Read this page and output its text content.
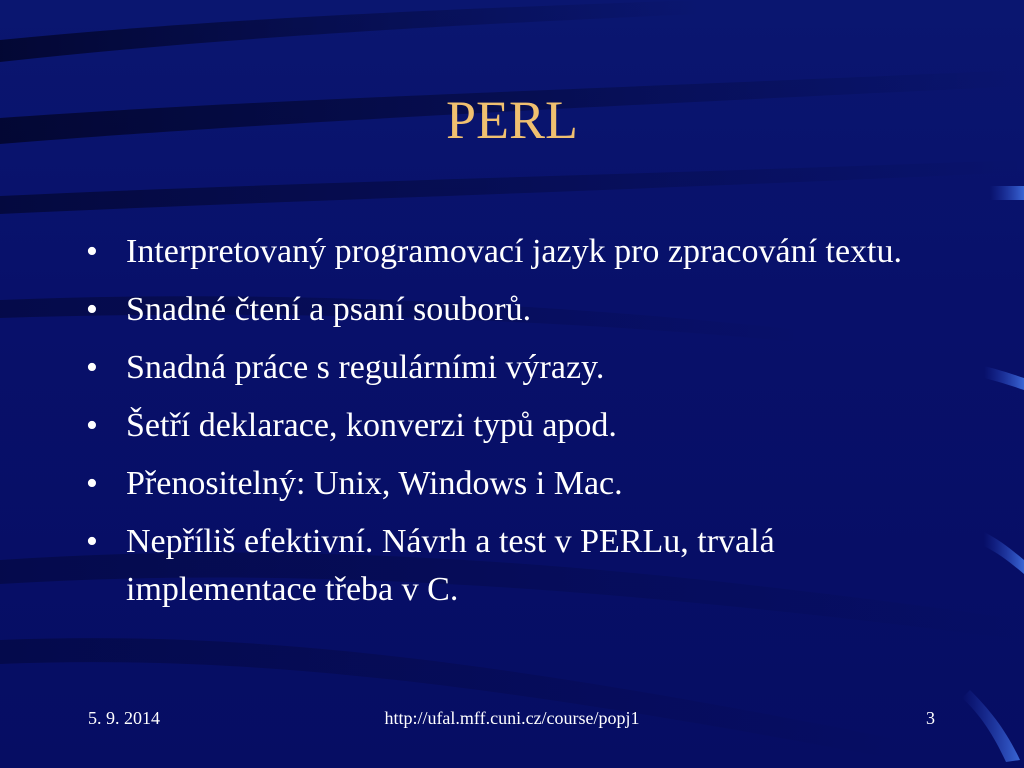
PERL
• Interpretovaný programovací jazyk pro zpracování textu.
• Snadné čtení a psaní souborů.
• Snadná práce s regulárními výrazy.
• Šetří deklarace, konverzi typů apod.
• Přenositelný: Unix, Windows i Mac.
• Nepříliš efektivní. Návrh a test v PERLu, trvalá implementace třeba v C.
5. 9. 2014	http://ufal.mff.cuni.cz/course/popj1	3
